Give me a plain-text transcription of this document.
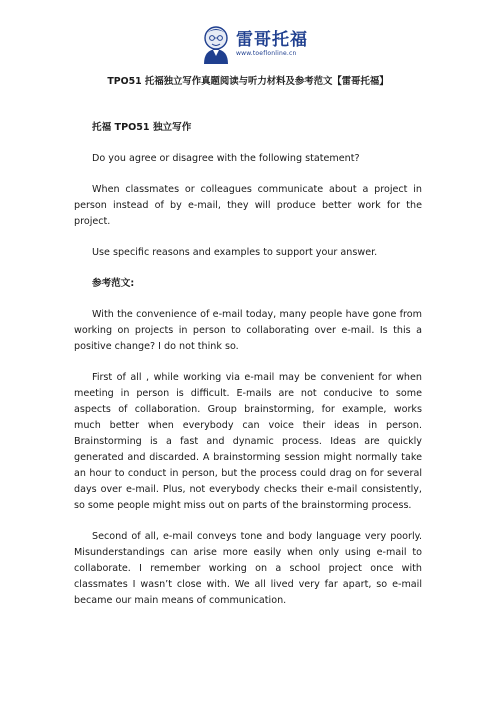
雷哥托福
www.toeflonline.cn
TPO51 托福独立写作真题阅读与听力材料及参考范文【雷哥托福】

托福 TPO51 独立写作

Do you agree or disagree with the following statement?

When classmates or colleagues communicate about a project in person instead of by e-mail, they will produce better work for the project.

Use specific reasons and examples to support your answer.

参考范文:

With the convenience of e-mail today, many people have gone from working on projects in person to collaborating over e-mail. Is this a positive change? I do not think so.

First of all , while working via e-mail may be convenient for when meeting in person is difficult. E-mails are not conducive to some aspects of collaboration. Group brainstorming, for example, works much better when everybody can voice their ideas in person. Brainstorming is a fast and dynamic process. Ideas are quickly generated and discarded. A brainstorming session might normally take an hour to conduct in person, but the process could drag on for several days over e-mail. Plus, not everybody checks their e-mail consistently, so some people might miss out on parts of the brainstorming process.

Second of all, e-mail conveys tone and body language very poorly. Misunderstandings can arise more easily when only using e-mail to collaborate. I remember working on a school project once with classmates I wasn’t close with. We all lived very far apart, so e-mail became our main means of communication.
